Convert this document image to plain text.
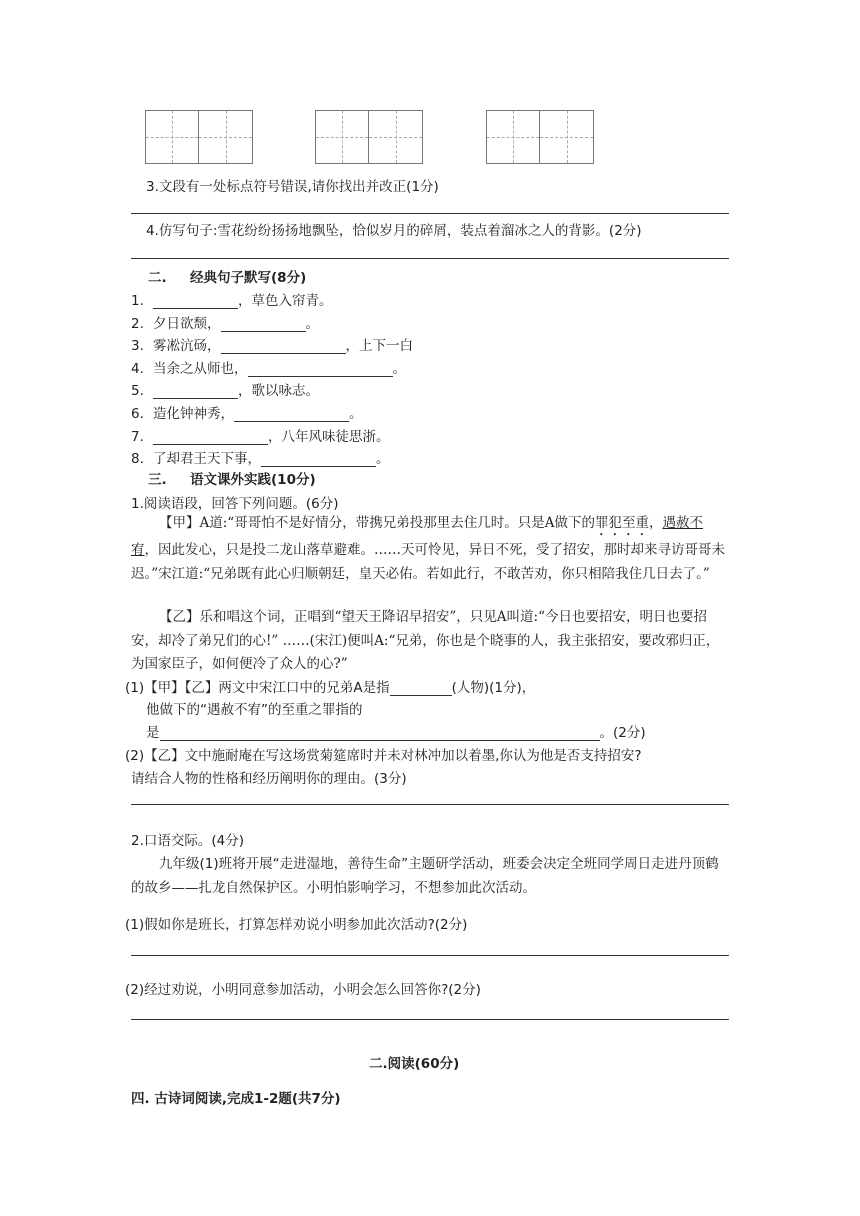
3.文段有一处标点符号错误,请你找出并改正(1分)
4.仿写句子:雪花纷纷扬扬地飘坠，恰似岁月的碎屑，装点着溜冰之人的背影。(2分)
二. 经典句子默写(8分)
1.	，草色入帘青。
2. 夕日欲颓，	。
3. 雾凇沆砀，	，上下一白
4. 当余之从师也，	。
5.	，歌以咏志。
6. 造化钟神秀，	。
7.	，八年风味徒思浙。
8. 了却君王天下事，	。
三. 语文课外实践(10分)
1.阅读语段，回答下列问题。(6分)
【甲】A道:“哥哥怕不是好情分，带携兄弟投那里去住几时。只是A做下的罪犯至重，遇赦不宥，因此发心，只是投二龙山落草避难。……天可怜见，异日不死，受了招安，那时却来寻访哥哥未迟。”宋江道:“兄弟既有此心归顺朝廷，皇天必佑。若如此行，不敢苦劝，你只相陪我住几日去了。”
【乙】乐和唱这个词，正唱到“望天王降诏早招安”，只见A叫道:“今日也要招安，明日也要招安，却冷了弟兄们的心!” ……(宋江)便叫A:“兄弟，你也是个晓事的人，我主张招安，要改邪归正，为国家臣子，如何便冷了众人的心?”
(1)【甲】【乙】两文中宋江口中的兄弟A是指	(人物)(1分)，
他做下的“遇赦不宥”的至重之罪指的
是	。(2分)
(2)【乙】文中施耐庵在写这场赏菊筵席时并未对林冲加以着墨,你认为他是否支持招安?
请结合人物的性格和经历阐明你的理由。(3分)
2.口语交际。(4分)
九年级(1)班将开展“走进湿地，善待生命”主题研学活动，班委会决定全班同学周日走进丹顶鹤的故乡——扎龙自然保护区。小明怕影响学习，不想参加此次活动。
(1)假如你是班长，打算怎样劝说小明参加此次活动?(2分)
(2)经过劝说，小明同意参加活动，小明会怎么回答你?(2分)
二.阅读(60分)
四. 古诗词阅读,完成1-2题(共7分)
